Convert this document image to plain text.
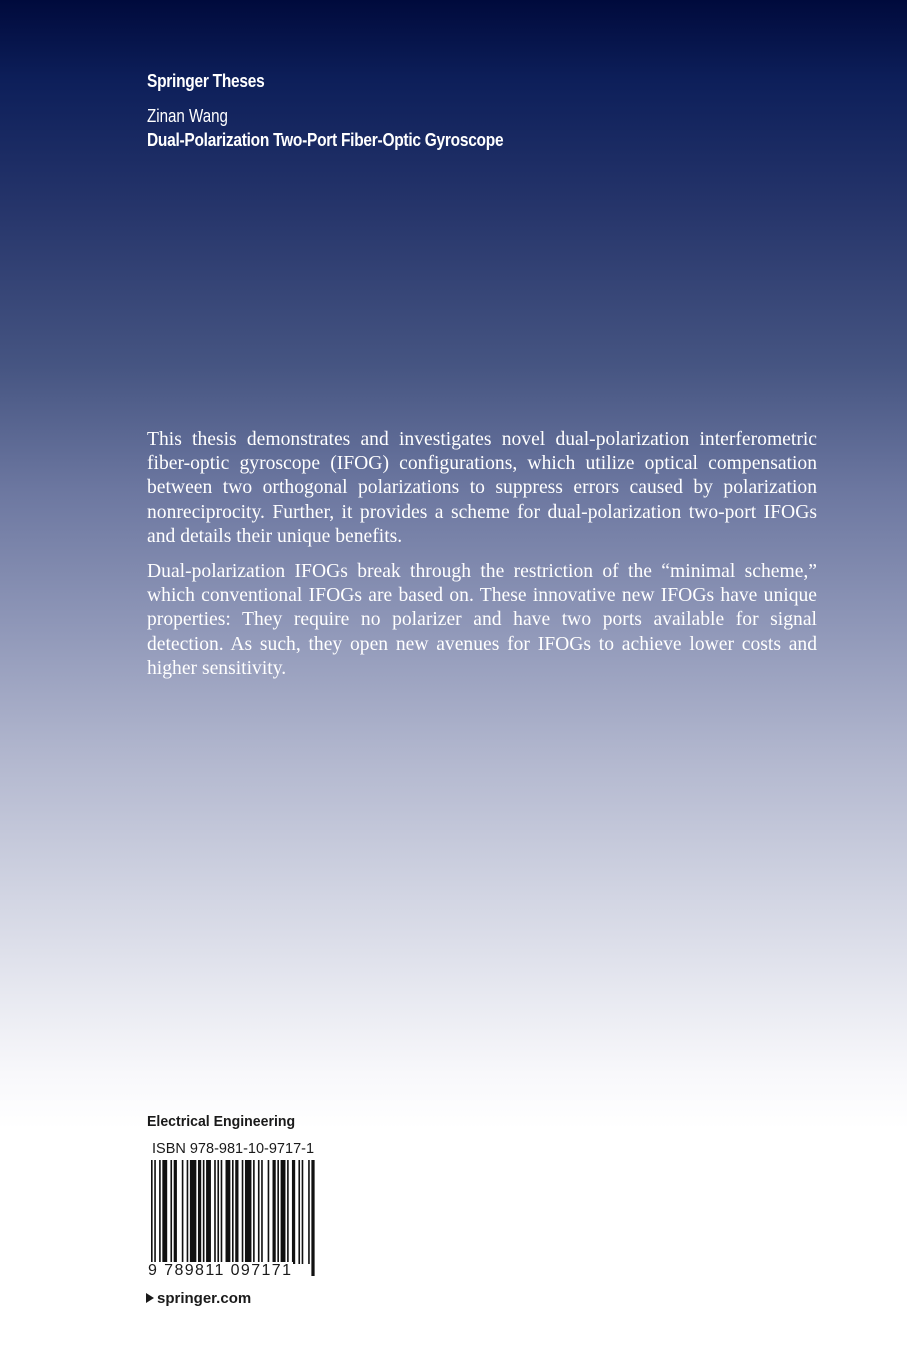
Springer Theses
Zinan Wang
Dual-Polarization Two-Port Fiber-Optic Gyroscope

This thesis demonstrates and investigates novel dual-polarization interferometric fiber-optic gyroscope (IFOG) configurations, which utilize optical compensation between two orthogonal polarizations to suppress errors caused by polarization nonreciprocity. Further, it provides a scheme for dual-polarization two-port IFOGs and details their unique benefits.

Dual-polarization IFOGs break through the restriction of the “minimal scheme,” which conventional IFOGs are based on. These innovative new IFOGs have unique properties: They require no polarizer and have two ports available for signal detection. As such, they open new avenues for IFOGs to achieve lower costs and higher sensitivity.

Electrical Engineering
ISBN 978-981-10-9717-1
9 789811 097171
springer.com
